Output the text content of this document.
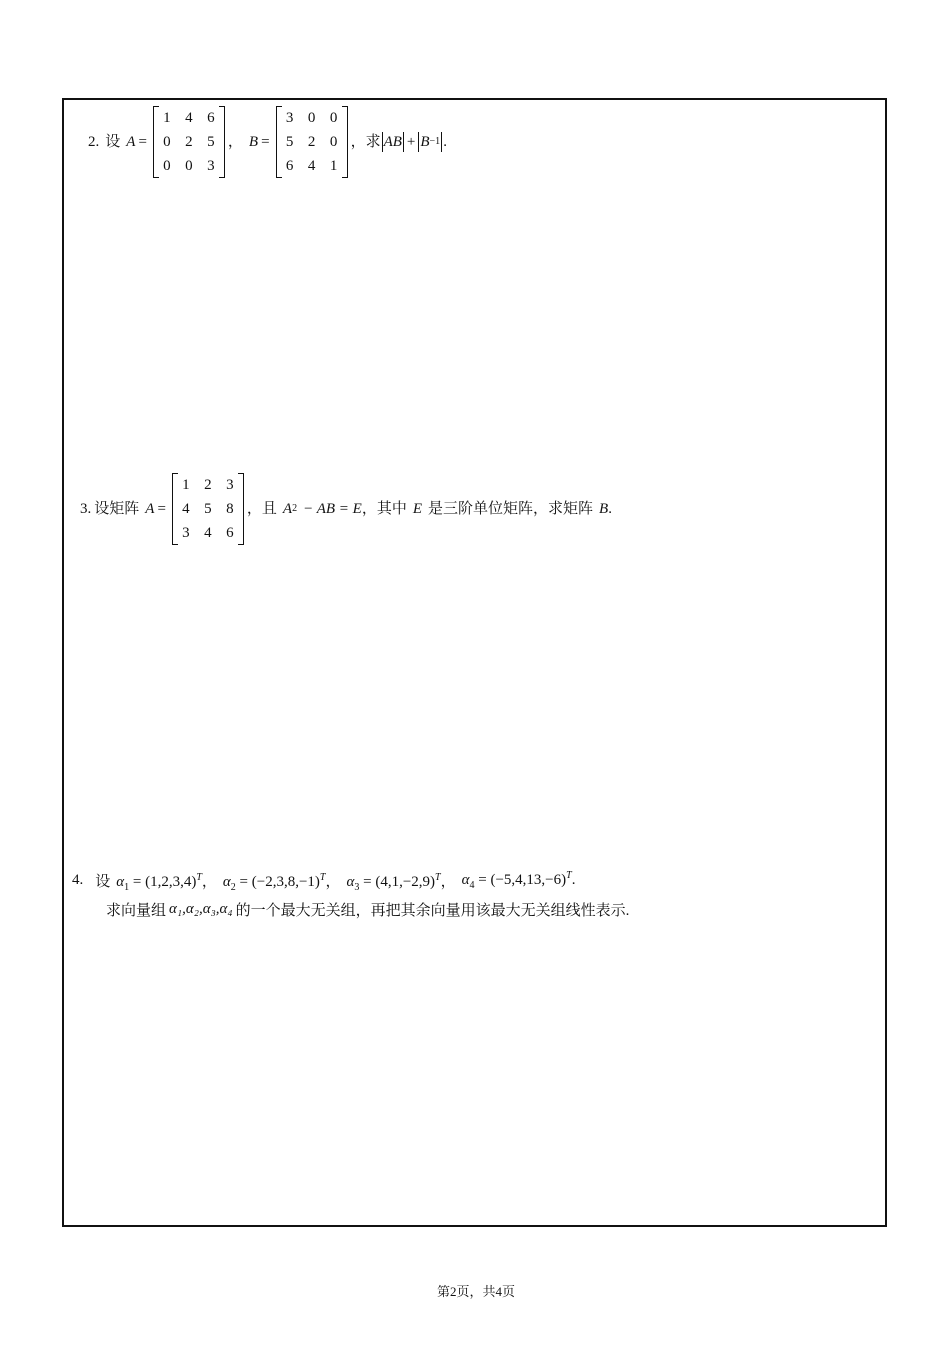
2. 设 A =
1 4 6
0 2 5
0 0 3
， B =
3 0 0
5 2 0
6 4 1
，求 AB + B −1 .
3. 设矩阵 A =
1 2 3
4 5 8
3 4 6
，且 A 2 − AB = E ，其中 E 是三阶单位矩阵，求矩阵 B .
4. 设 $\alpha_1 = (1,2,3,4)^T$， $\alpha_2 = (-2,3,8,-1)^T$， $\alpha_3 = (4,1,-2,9)^T$， $\alpha_4 = (-5,4,13,-6)^T$.
求向量组 α₁,α₂,α₃,α₄ 的一个最大无关组，再把其余向量用该最大无关组线性表示.
第2页，共4页
